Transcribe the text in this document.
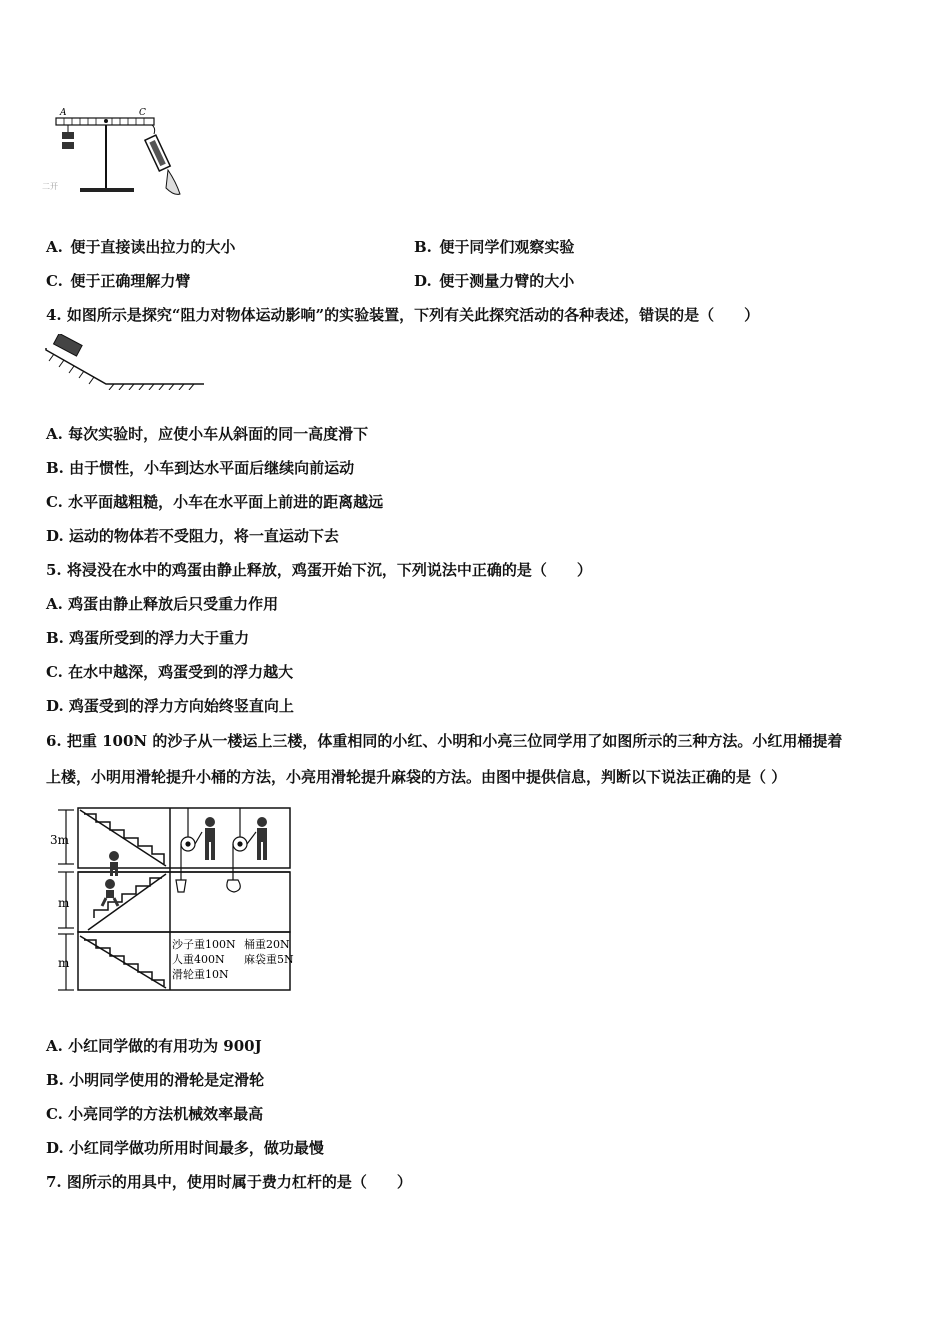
A	C
二开
A.  便于直接读出拉力的大小	B.  便于同学们观察实验
C.  便于正确理解力臂	D.  便于测量力臂的大小
4. 如图所示是探究“阻力对物体运动影响”的实验装置，下列有关此探究活动的各种表述，错误的是（　　）
A. 每次实验时，应使小车从斜面的同一高度滑下
B. 由于惯性，小车到达水平面后继续向前运动
C. 水平面越粗糙，小车在水平面上前进的距离越远
D. 运动的物体若不受阻力，将一直运动下去
5. 将浸没在水中的鸡蛋由静止释放，鸡蛋开始下沉，下列说法中正确的是（　　）
A. 鸡蛋由静止释放后只受重力作用
B. 鸡蛋所受到的浮力大于重力
C. 在水中越深，鸡蛋受到的浮力越大
D. 鸡蛋受到的浮力方向始终竖直向上
6. 把重 100N 的沙子从一楼运上三楼，体重相同的小红、小明和小亮三位同学用了如图所示的三种方法。小红用桶提着
上楼，小明用滑轮提升小桶的方法，小亮用滑轮提升麻袋的方法。由图中提供信息，判断以下说法正确的是（ ）
3m
m
m
沙子重100N 桶重20N
人重400N 麻袋重5N
滑轮重10N
A. 小红同学做的有用功为 900J
B. 小明同学使用的滑轮是定滑轮
C. 小亮同学的方法机械效率最高
D. 小红同学做功所用时间最多，做功最慢
7. 图所示的用具中，使用时属于费力杠杆的是（　　）
